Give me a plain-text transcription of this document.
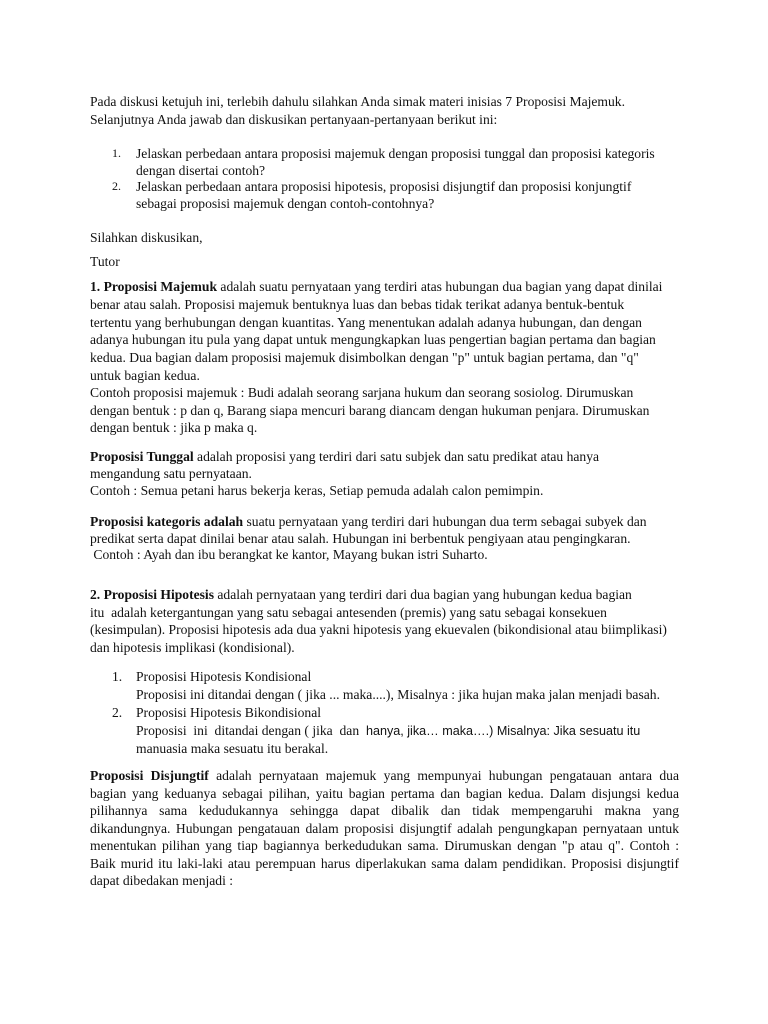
Pada diskusi ketujuh ini, terlebih dahulu silahkan Anda simak materi inisias 7 Proposisi Majemuk.
Selanjutnya Anda jawab dan diskusikan pertanyaan-pertanyaan berikut ini:
1. Jelaskan perbedaan antara proposisi majemuk dengan proposisi tunggal dan proposisi kategoris
dengan disertai contoh?
2. Jelaskan perbedaan antara proposisi hipotesis, proposisi disjungtif dan proposisi konjungtif
sebagai proposisi majemuk dengan contoh-contohnya?
Silahkan diskusikan,
Tutor
1. Proposisi Majemuk adalah suatu pernyataan yang terdiri atas hubungan dua bagian yang dapat dinilai
benar atau salah. Proposisi majemuk bentuknya luas dan bebas tidak terikat adanya bentuk-bentuk
tertentu yang berhubungan dengan kuantitas. Yang menentukan adalah adanya hubungan, dan dengan
adanya hubungan itu pula yang dapat untuk mengungkapkan luas pengertian bagian pertama dan bagian
kedua. Dua bagian dalam proposisi majemuk disimbolkan dengan "p" untuk bagian pertama, dan "q"
untuk bagian kedua.
Contoh proposisi majemuk : Budi adalah seorang sarjana hukum dan seorang sosiolog. Dirumuskan
dengan bentuk : p dan q, Barang siapa mencuri barang diancam dengan hukuman penjara. Dirumuskan
dengan bentuk : jika p maka q.
Proposisi Tunggal adalah proposisi yang terdiri dari satu subjek dan satu predikat atau hanya
mengandung satu pernyataan.
Contoh : Semua petani harus bekerja keras, Setiap pemuda adalah calon pemimpin.
Proposisi kategoris adalah suatu pernyataan yang terdiri dari hubungan dua term sebagai subyek dan
predikat serta dapat dinilai benar atau salah. Hubungan ini berbentuk pengiyaan atau pengingkaran.
Contoh : Ayah dan ibu berangkat ke kantor, Mayang bukan istri Suharto.
2. Proposisi Hipotesis adalah pernyataan yang terdiri dari dua bagian yang hubungan kedua bagian
itu  adalah ketergantungan yang satu sebagai antesenden (premis) yang satu sebagai konsekuen
(kesimpulan). Proposisi hipotesis ada dua yakni hipotesis yang ekuevalen (bikondisional atau biimplikasi)
dan hipotesis implikasi (kondisional).
1. Proposisi Hipotesis Kondisional
Proposisi ini ditandai dengan ( jika ... maka....), Misalnya : jika hujan maka jalan menjadi basah.
2. Proposisi Hipotesis Bikondisional
Proposisi  ini  ditandai dengan ( jika  dan  hanya, jika… maka….) Misalnya: Jika sesuatu itu
manuasia maka sesuatu itu berakal.
Proposisi Disjungtif adalah pernyataan majemuk yang mempunyai hubungan pengatauan antara dua
bagian yang keduanya sebagai pilihan, yaitu bagian pertama dan bagian kedua. Dalam disjungsi kedua
pilihannya sama kedudukannya sehingga dapat dibalik dan tidak mempengaruhi makna yang
dikandungnya. Hubungan pengatauan dalam proposisi disjungtif adalah pengungkapan pernyataan untuk
menentukan pilihan yang tiap bagiannya berkedudukan sama. Dirumuskan dengan "p atau q". Contoh :
Baik murid itu laki-laki atau perempuan harus diperlakukan sama dalam pendidikan. Proposisi disjungtif
dapat dibedakan menjadi :
